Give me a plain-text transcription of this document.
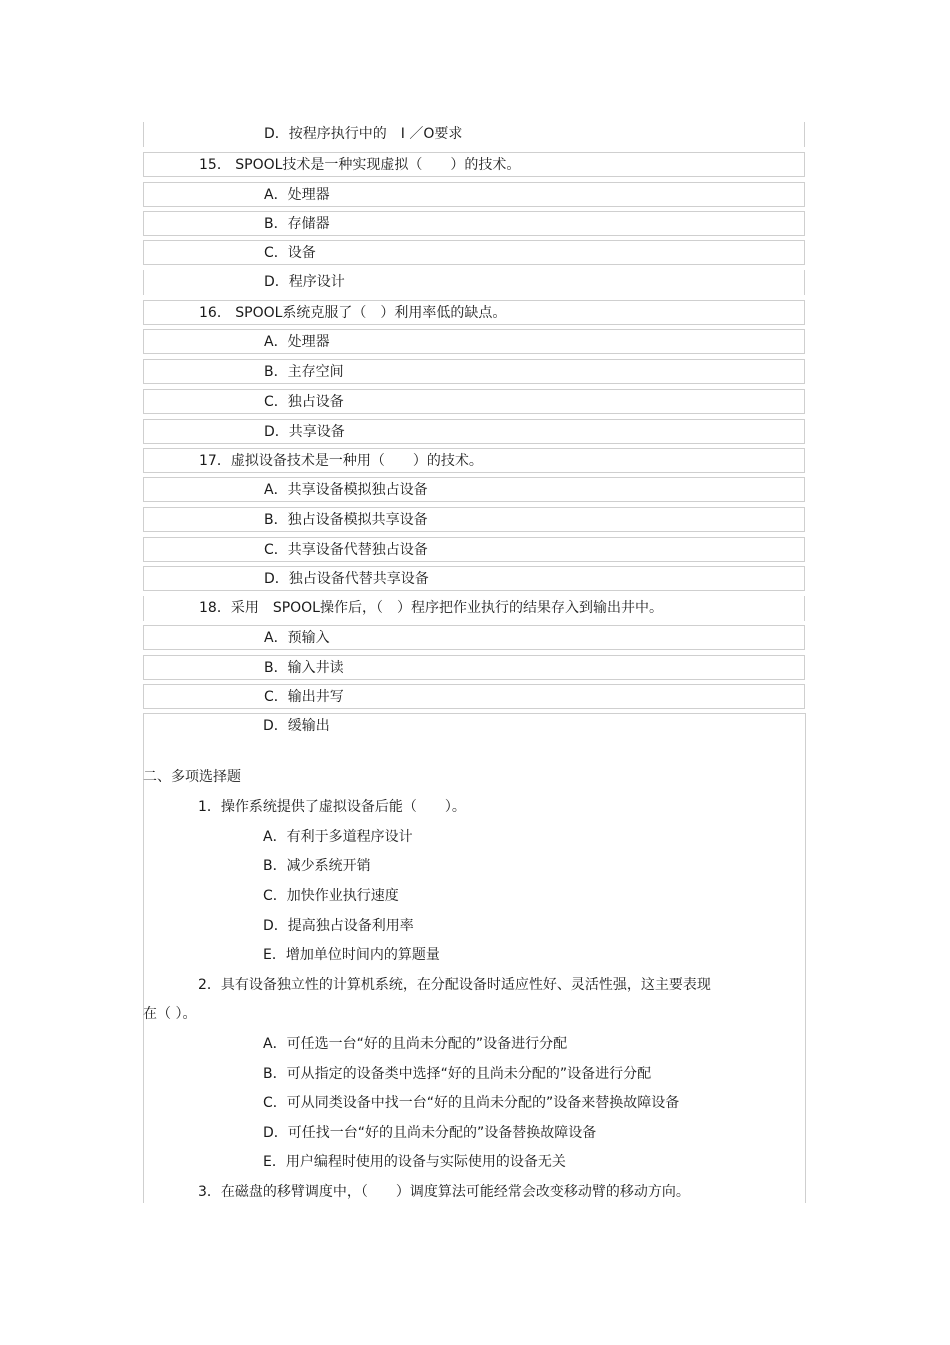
D．按程序执行中的　I ／O要求
15． SPOOL技术是一种实现虚拟（　　）的技术。
A．处理器
B．存储器
C．设备
D．程序设计
16． SPOOL系统克服了（　）利用率低的缺点。
A．处理器
B．主存空间
C．独占设备
D．共享设备
17．虚拟设备技术是一种用（　　）的技术。
A．共享设备模拟独占设备
B．独占设备模拟共享设备
C．共享设备代替独占设备
D．独占设备代替共享设备
18．采用　SPOOL操作后，（　）程序把作业执行的结果存入到输出井中。
A．预输入
B．输入井读
C．输出井写
D．缓输出
二、多项选择题
1．操作系统提供了虚拟设备后能（　　）。
A．有利于多道程序设计
B．减少系统开销
C．加快作业执行速度
D．提高独占设备利用率
E．增加单位时间内的算题量
2．具有设备独立性的计算机系统，在分配设备时适应性好、灵活性强，这主要表现
在（ ）。
A．可任选一台“好的且尚未分配的”设备进行分配
B．可从指定的设备类中选择“好的且尚未分配的”设备进行分配
C．可从同类设备中找一台“好的且尚未分配的”设备来替换故障设备
D．可任找一台“好的且尚未分配的”设备替换故障设备
E．用户编程时使用的设备与实际使用的设备无关
3．在磁盘的移臂调度中，（　　）调度算法可能经常会改变移动臂的移动方向。
